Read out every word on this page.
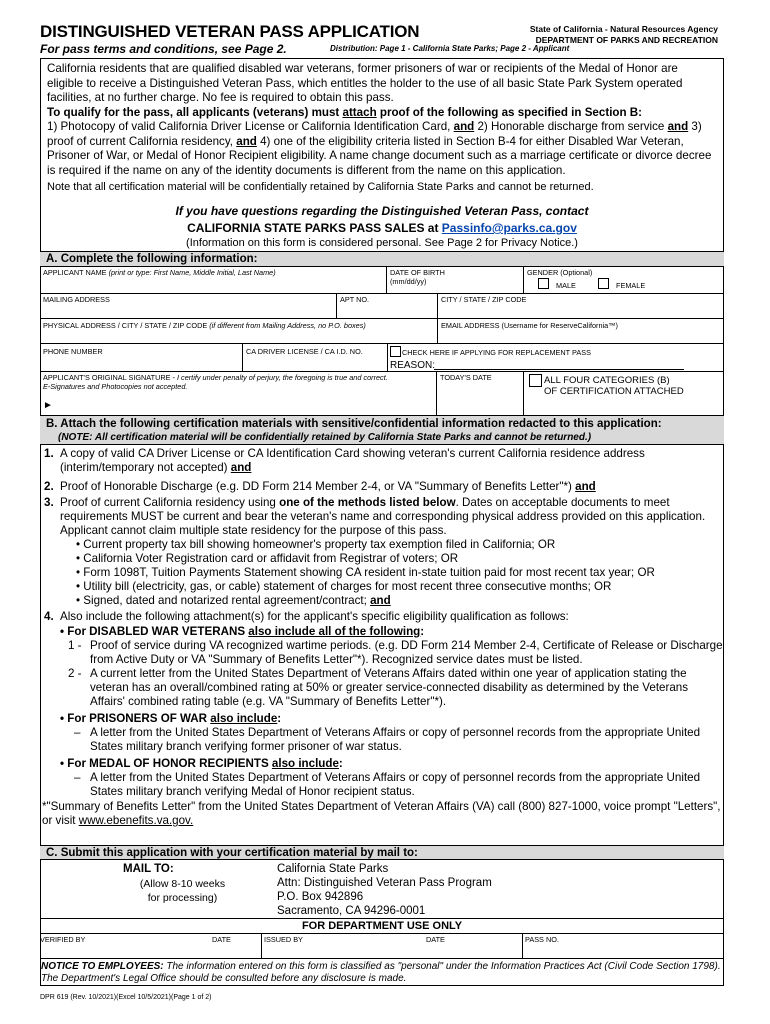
DISTINGUISHED VETERAN PASS APPLICATION
For pass terms and conditions, see Page 2.
State of California - Natural Resources Agency
DEPARTMENT OF PARKS AND RECREATION
Distribution: Page 1 - California State Parks; Page 2 - Applicant

California residents that are qualified disabled war veterans, former prisoners of war or recipients of the Medal of Honor are eligible to receive a Distinguished Veteran Pass, which entitles the holder to the use of all basic State Park System operated facilities, at no further charge. No fee is required to obtain this pass.

To qualify for the pass, all applicants (veterans) must attach proof of the following as specified in Section B:

1) Photocopy of valid California Driver License or California Identification Card, and 2) Honorable discharge from service and 3) proof of current California residency, and 4) one of the eligibility criteria listed in Section B-4 for either Disabled War Veteran, Prisoner of War, or Medal of Honor Recipient eligibility. A name change document such as a marriage certificate or divorce decree is required if the name on any of the identity documents is different from the name on this application.

Note that all certification material will be confidentially retained by California State Parks and cannot be returned.

If you have questions regarding the Distinguished Veteran Pass, contact
CALIFORNIA STATE PARKS PASS SALES at Passinfo@parks.ca.gov
(Information on this form is considered personal. See Page 2 for Privacy Notice.)
A. Complete the following information:
APPLICANT NAME (print or type: First Name, Middle Initial, Last Name)	DATE OF BIRTH
(mm/dd/yy)
GENDER (Optional)
MALE	FEMALE
MAILING ADDRESS	APT NO.	CITY / STATE / ZIP CODE
PHYSICAL ADDRESS / CITY / STATE / ZIP CODE (if different from Mailing Address, no P.O. boxes)	EMAIL ADDRESS (Username for ReserveCalifornia™)
PHONE NUMBER	CA DRIVER LICENSE / CA I.D. NO.	CHECK HERE IF APPLYING FOR REPLACEMENT PASS
REASON:
APPLICANT'S ORIGINAL SIGNATURE - I certify under penalty of perjury, the foregoing is true and correct.
E-Signatures and Photocopies not accepted.
►
TODAY'S DATE	ALL FOUR CATEGORIES (B)
OF CERTIFICATION ATTACHED
B. Attach the following certification materials with sensitive/confidential information redacted to this application:
(NOTE: All certification material will be confidentially retained by California State Parks and cannot be returned.)
1. A copy of valid CA Driver License or CA Identification Card showing veteran's current California residence address (interim/temporary not accepted) and
2. Proof of Honorable Discharge (e.g. DD Form 214 Member 2-4, or VA "Summary of Benefits Letter"*) and
3. Proof of current California residency using one of the methods listed below. Dates on acceptable documents to meet requirements MUST be current and bear the veteran's name and corresponding physical address provided on this application. Applicant cannot claim multiple state residency for the purpose of this pass.
• Current property tax bill showing homeowner's property tax exemption filed in California; OR
• California Voter Registration card or affidavit from Registrar of voters; OR
• Form 1098T, Tuition Payments Statement showing CA resident in-state tuition paid for most recent tax year; OR
• Utility bill (electricity, gas, or cable) statement of charges for most recent three consecutive months; OR
• Signed, dated and notarized rental agreement/contract; and
4. Also include the following attachment(s) for the applicant's specific eligibility qualification as follows:
• For DISABLED WAR VETERANS also include all of the following:
1 - Proof of service during VA recognized wartime periods. (e.g. DD Form 214 Member 2-4, Certificate of Release or Discharge from Active Duty or VA "Summary of Benefits Letter"*). Recognized service dates must be listed.
2 - A current letter from the United States Department of Veterans Affairs dated within one year of application stating the veteran has an overall/combined rating at 50% or greater service-connected disability as determined by the Veterans Affairs' combined rating table (e.g. VA "Summary of Benefits Letter"*).
• For PRISONERS OF WAR also include:
– A letter from the United States Department of Veterans Affairs or copy of personnel records from the appropriate United States military branch verifying former prisoner of war status.
• For MEDAL OF HONOR RECIPIENTS also include:
– A letter from the United States Department of Veterans Affairs or copy of personnel records from the appropriate United States military branch verifying Medal of Honor recipient status.
*"Summary of Benefits Letter" from the United States Department of Veteran Affairs (VA) call (800) 827-1000, voice prompt "Letters", or visit www.ebenefits.va.gov.
C. Submit this application with your certification material by mail to:
MAIL TO:
(Allow 8-10 weeks
for processing)
California State Parks
Attn: Distinguished Veteran Pass Program
P.O. Box 942896
Sacramento, CA 94296-0001
FOR DEPARTMENT USE ONLY
VERIFIED BY	DATE	ISSUED BY	DATE	PASS NO.
NOTICE TO EMPLOYEES: The information entered on this form is classified as "personal" under the Information Practices Act (Civil Code Section 1798). The Department's Legal Office should be consulted before any disclosure is made.
DPR 619 (Rev. 10/2021)(Excel 10/5/2021)(Page 1 of 2)
